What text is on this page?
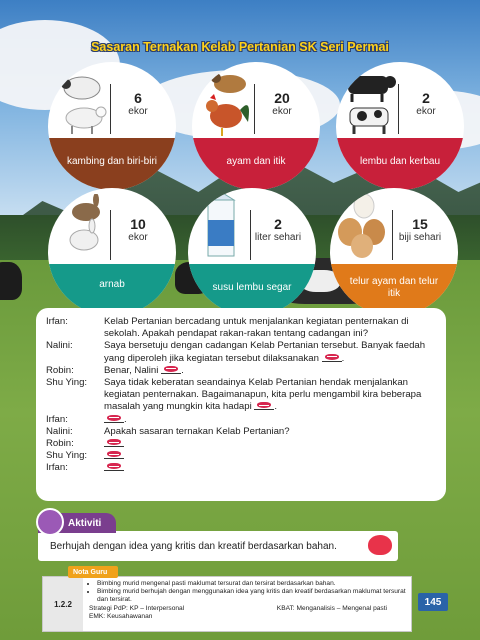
Sasaran Ternakan Kelab Pertanian SK Seri Permai
6
ekor
kambing dan biri-biri
20
ekor
ayam dan itik
2
ekor
lembu dan kerbau
10
ekor
arnab
2
liter sehari
susu lembu segar
15
biji sehari
telur ayam dan telur itik
Irfan:	Kelab Pertanian bercadang untuk menjalankan kegiatan penternakan di sekolah. Apakah pendapat rakan-rakan tentang cadangan ini?
Nalini:	Saya bersetuju dengan cadangan Kelab Pertanian tersebut. Banyak faedah yang diperoleh jika kegiatan tersebut dilaksanakan .
Robin:	Benar, Nalini .
Shu Ying:	Saya tidak keberatan seandainya Kelab Pertanian hendak menjalankan kegiatan penternakan. Bagaimanapun, kita perlu mengambil kira beberapa masalah yang mungkin kita hadapi .
Irfan:	.
Nalini:	Apakah sasaran ternakan Kelab Pertanian?
Robin:
Shu Ying:
Irfan:
Berhujah dengan idea yang kritis dan kreatif berdasarkan bahan.
Aktiviti
1.2.2
• Bimbing murid mengenal pasti maklumat tersurat dan tersirat berdasarkan bahan.
• Bimbing murid berhujah dengan menggunakan idea yang kritis dan kreatif berdasarkan maklumat tersurat dan tersirat.
Strategi PdP: KP – Interpersonal	KBAT: Menganalisis – Mengenal pasti
EMK: Keusahawanan
Nota Guru
145
